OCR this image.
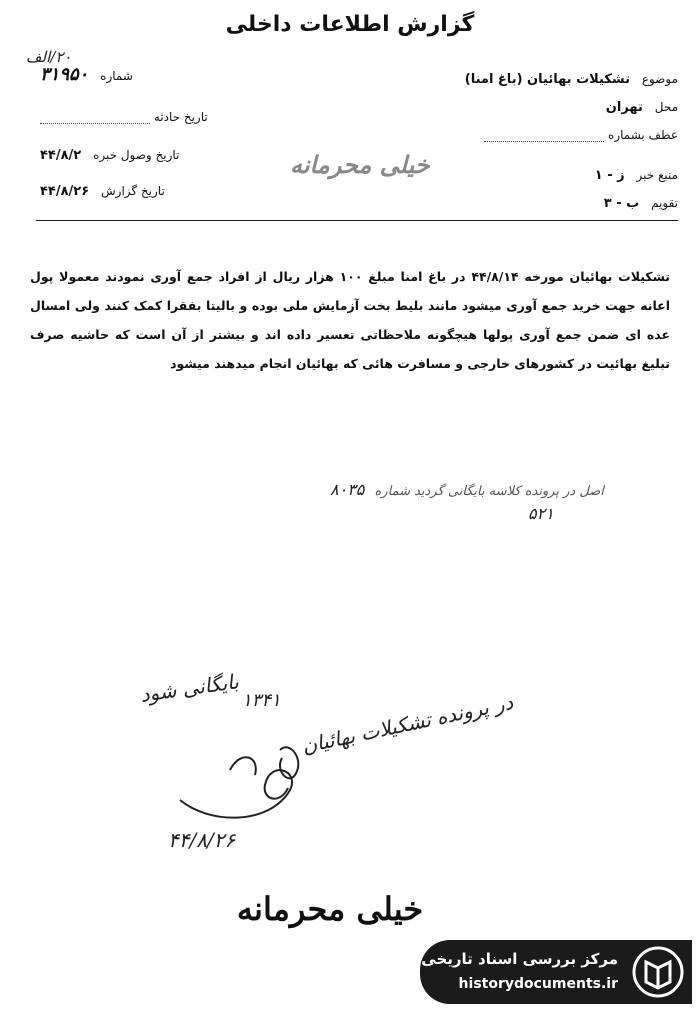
گزارش اطلاعات داخلی
شماره ۳۱۹۵۰
۲۰/الف
تاریخ حادثه
تاریخ وصول خبره ۴۴/۸/۲
تاریخ گزارش ۴۴/۸/۲۶
موضوع تشکیلات بهائیان (باغ امنا)
محل تهران
عطف بشماره
منبع خبر ز - ۱
تقویم ب - ۳
خیلی محرمانه
تشکیلات بهائیان مورخه ۴۴/۸/۱۴ در باغ امنا مبلغ ۱۰۰ هزار ریال از افراد جمع آوری نمودند معمولا پول اعانه جهت خرید جمع آوری میشود مانند بلیط بخت آزمایش ملی بوده و بالیتا بفقرا کمک کنند ولی امسال عده ای ضمن جمع آوری پولها هیچگونه ملاحظاتی تعسیر داده اند و بیشتر از آن است که حاشیه صرف تبلیغ بهائیت در کشورهای خارجی و مسافرت هائی که بهائیان انجام میدهند میشود
اصل در پرونده کلاسه بایگانی گردید شماره ۸۰۳۵
۵۲۱
در پرونده تشکیلات بهائیان
۱۳۴۱
بایگانی شود
۴۴/۸/۲۶
خیلی محرمانه
مرکز بررسی اسناد تاریخی
historydocuments.ir
